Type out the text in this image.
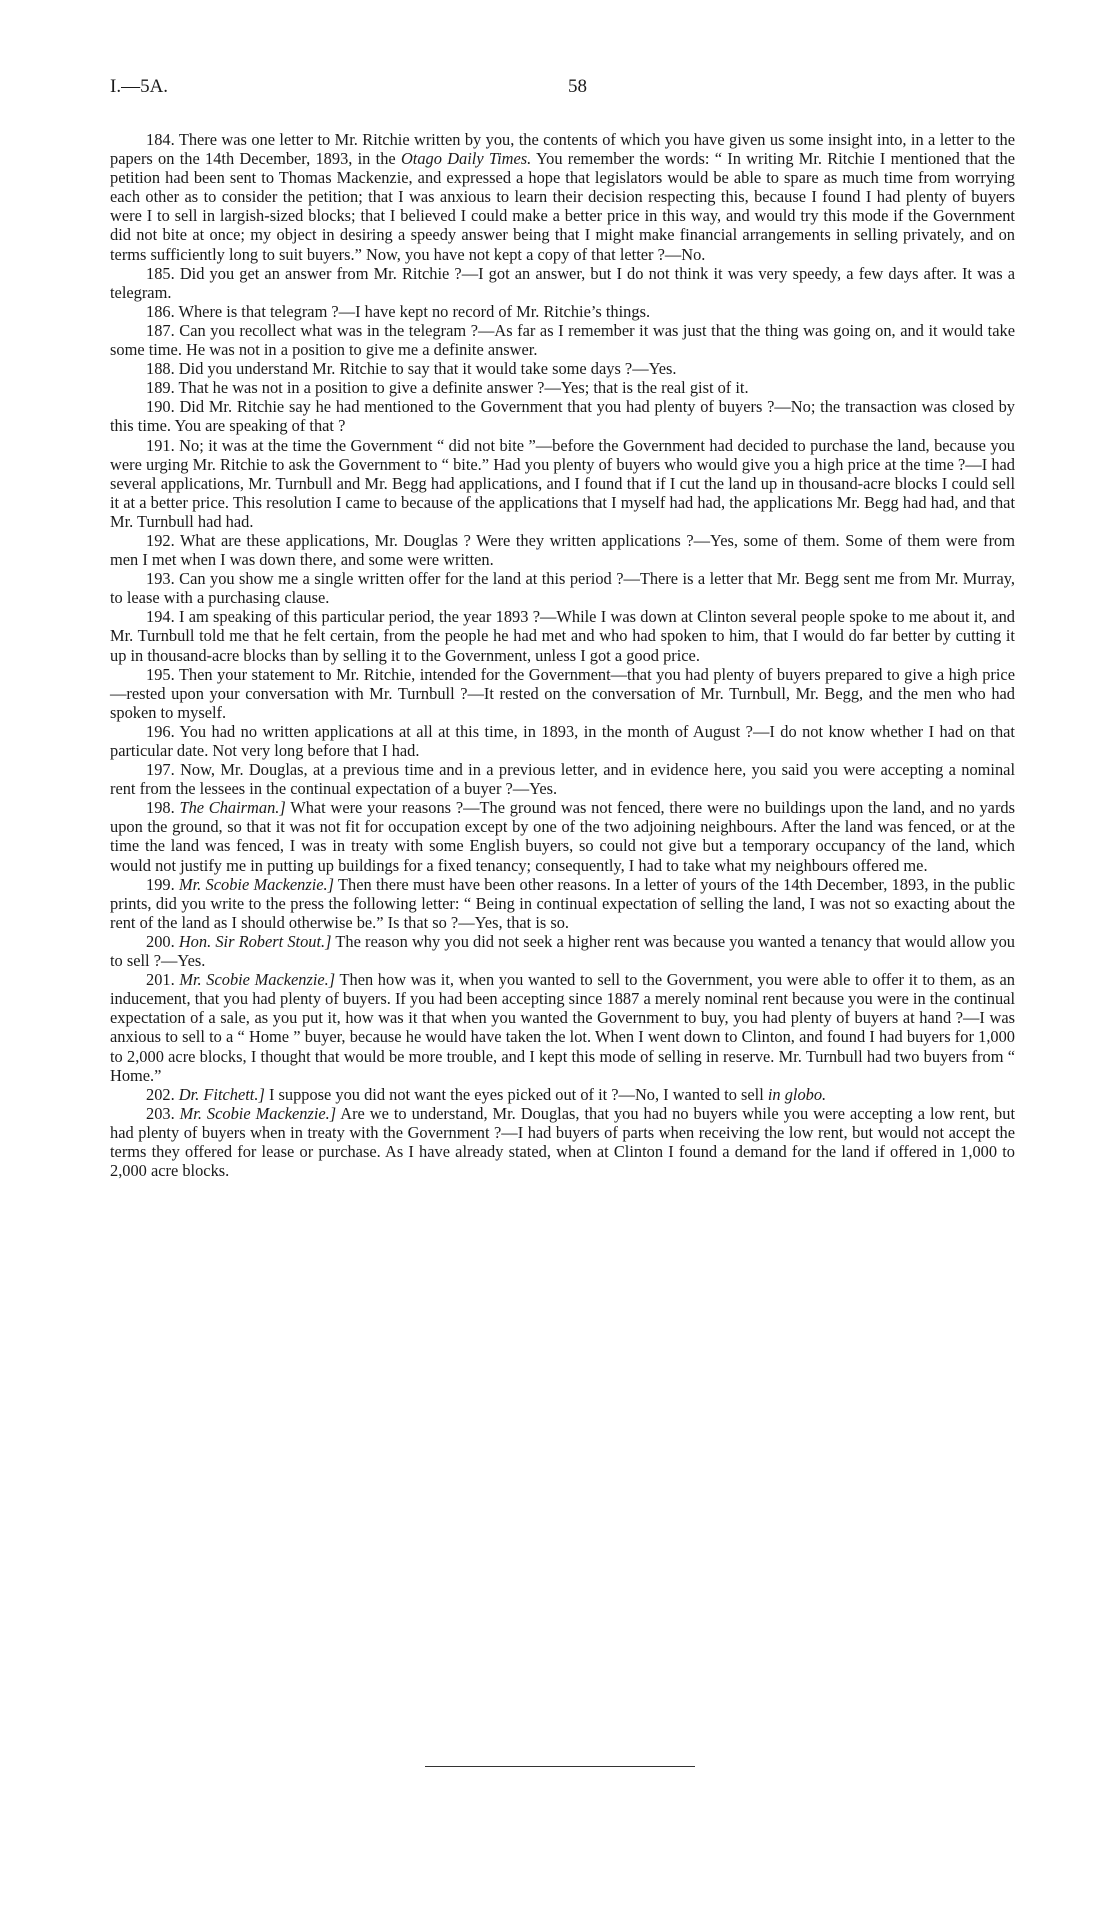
I.—5A.	58

184. There was one letter to Mr. Ritchie written by you, the contents of which you have given us some insight into, in a letter to the papers on the 14th December, 1893, in the Otago Daily Times. You remember the words: “ In writing Mr. Ritchie I mentioned that the petition had been sent to Thomas Mackenzie, and expressed a hope that legislators would be able to spare as much time from worrying each other as to consider the petition; that I was anxious to learn their decision respecting this, because I found I had plenty of buyers were I to sell in largish-sized blocks; that I believed I could make a better price in this way, and would try this mode if the Government did not bite at once; my object in desiring a speedy answer being that I might make financial arrangements in selling privately, and on terms sufficiently long to suit buyers.” Now, you have not kept a copy of that letter ?—No.

185. Did you get an answer from Mr. Ritchie ?—I got an answer, but I do not think it was very speedy, a few days after. It was a telegram.

186. Where is that telegram ?—I have kept no record of Mr. Ritchie’s things.

187. Can you recollect what was in the telegram ?—As far as I remember it was just that the thing was going on, and it would take some time. He was not in a position to give me a definite answer.

188. Did you understand Mr. Ritchie to say that it would take some days ?—Yes.

189. That he was not in a position to give a definite answer ?—Yes; that is the real gist of it.

190. Did Mr. Ritchie say he had mentioned to the Government that you had plenty of buyers ?—No; the transaction was closed by this time. You are speaking of that ?

191. No; it was at the time the Government “ did not bite ”—before the Government had decided to purchase the land, because you were urging Mr. Ritchie to ask the Government to “ bite.” Had you plenty of buyers who would give you a high price at the time ?—I had several applications, Mr. Turnbull and Mr. Begg had applications, and I found that if I cut the land up in thousand-acre blocks I could sell it at a better price. This resolution I came to because of the applications that I myself had had, the applications Mr. Begg had had, and that Mr. Turnbull had had.

192. What are these applications, Mr. Douglas ? Were they written applications ?—Yes, some of them. Some of them were from men I met when I was down there, and some were written.

193. Can you show me a single written offer for the land at this period ?—There is a letter that Mr. Begg sent me from Mr. Murray, to lease with a purchasing clause.

194. I am speaking of this particular period, the year 1893 ?—While I was down at Clinton several people spoke to me about it, and Mr. Turnbull told me that he felt certain, from the people he had met and who had spoken to him, that I would do far better by cutting it up in thousand-acre blocks than by selling it to the Government, unless I got a good price.

195. Then your statement to Mr. Ritchie, intended for the Government—that you had plenty of buyers prepared to give a high price—rested upon your conversation with Mr. Turnbull ?—It rested on the conversation of Mr. Turnbull, Mr. Begg, and the men who had spoken to myself.

196. You had no written applications at all at this time, in 1893, in the month of August ?—I do not know whether I had on that particular date. Not very long before that I had.

197. Now, Mr. Douglas, at a previous time and in a previous letter, and in evidence here, you said you were accepting a nominal rent from the lessees in the continual expectation of a buyer ?—Yes.

198. The Chairman.] What were your reasons ?—The ground was not fenced, there were no buildings upon the land, and no yards upon the ground, so that it was not fit for occupation except by one of the two adjoining neighbours. After the land was fenced, or at the time the land was fenced, I was in treaty with some English buyers, so could not give but a temporary occupancy of the land, which would not justify me in putting up buildings for a fixed tenancy; consequently, I had to take what my neighbours offered me.

199. Mr. Scobie Mackenzie.] Then there must have been other reasons. In a letter of yours of the 14th December, 1893, in the public prints, did you write to the press the following letter: “ Being in continual expectation of selling the land, I was not so exacting about the rent of the land as I should otherwise be.” Is that so ?—Yes, that is so.

200. Hon. Sir Robert Stout.] The reason why you did not seek a higher rent was because you wanted a tenancy that would allow you to sell ?—Yes.

201. Mr. Scobie Mackenzie.] Then how was it, when you wanted to sell to the Government, you were able to offer it to them, as an inducement, that you had plenty of buyers. If you had been accepting since 1887 a merely nominal rent because you were in the continual expectation of a sale, as you put it, how was it that when you wanted the Government to buy, you had plenty of buyers at hand ?—I was anxious to sell to a “ Home ” buyer, because he would have taken the lot. When I went down to Clinton, and found I had buyers for 1,000 to 2,000 acre blocks, I thought that would be more trouble, and I kept this mode of selling in reserve. Mr. Turnbull had two buyers from “ Home.”

202. Dr. Fitchett.] I suppose you did not want the eyes picked out of it ?—No, I wanted to sell in globo.

203. Mr. Scobie Mackenzie.] Are we to understand, Mr. Douglas, that you had no buyers while you were accepting a low rent, but had plenty of buyers when in treaty with the Government ?—I had buyers of parts when receiving the low rent, but would not accept the terms they offered for lease or purchase. As I have already stated, when at Clinton I found a demand for the land if offered in 1,000 to 2,000 acre blocks.
